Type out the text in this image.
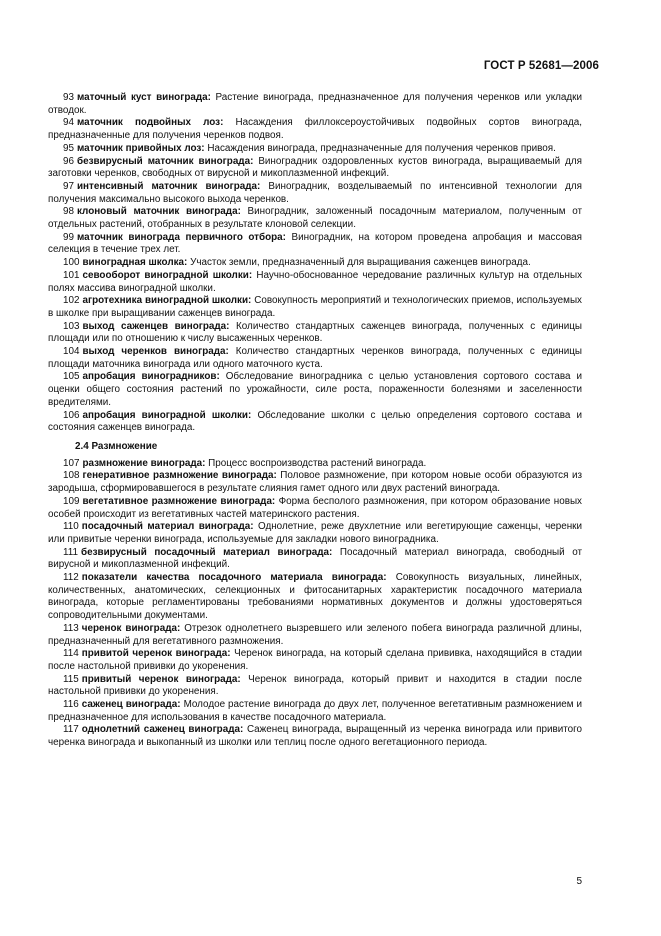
ГОСТ Р 52681—2006

93 маточный куст винограда: Растение винограда, предназначенное для получения черенков или укладки отводок.

94 маточник подвойных лоз: Насаждения филлоксероустойчивых подвойных сортов винограда, предназначенные для получения черенков подвоя.

95 маточник привойных лоз: Насаждения винограда, предназначенные для получения черенков привоя.

96 безвирусный маточник винограда: Виноградник оздоровленных кустов винограда, выращиваемый для заготовки черенков, свободных от вирусной и микоплазменной инфекций.

97 интенсивный маточник винограда: Виноградник, возделываемый по интенсивной технологии для получения максимально высокого выхода черенков.

98 клоновый маточник винограда: Виноградник, заложенный посадочным материалом, полученным от отдельных растений, отобранных в результате клоновой селекции.

99 маточник винограда первичного отбора: Виноградник, на котором проведена апробация и массовая селекция в течение трех лет.

100 виноградная школка: Участок земли, предназначенный для выращивания саженцев винограда.

101 севооборот виноградной школки: Научно-обоснованное чередование различных культур на отдельных полях массива виноградной школки.

102 агротехника виноградной школки: Совокупность мероприятий и технологических приемов, используемых в школке при выращивании саженцев винограда.

103 выход саженцев винограда: Количество стандартных саженцев винограда, полученных с единицы площади или по отношению к числу высаженных черенков.

104 выход черенков винограда: Количество стандартных черенков винограда, полученных с единицы площади маточника винограда или одного маточного куста.

105 апробация виноградников: Обследование виноградника с целью установления сортового состава и оценки общего состояния растений по урожайности, силе роста, пораженности болезнями и заселенности вредителями.

106 апробация виноградной школки: Обследование школки с целью определения сортового состава и состояния саженцев винограда.

2.4 Размножение

107 размножение винограда: Процесс воспроизводства растений винограда.

108 генеративное размножение винограда: Половое размножение, при котором новые особи образуются из зародыша, сформировавшегося в результате слияния гамет одного или двух растений винограда.

109 вегетативное размножение винограда: Форма бесполого размножения, при котором образование новых особей происходит из вегетативных частей материнского растения.

110 посадочный материал винограда: Однолетние, реже двухлетние или вегетирующие саженцы, черенки или привитые черенки винограда, используемые для закладки нового виноградника.

111 безвирусный посадочный материал винограда: Посадочный материал винограда, свободный от вирусной и микоплазменной инфекций.

112 показатели качества посадочного материала винограда: Совокупность визуальных, линейных, количественных, анатомических, селекционных и фитосанитарных характеристик посадочного материала винограда, которые регламентированы требованиями нормативных документов и должны удостоверяться сопроводительными документами.

113 черенок винограда: Отрезок однолетнего вызревшего или зеленого побега винограда различной длины, предназначенный для вегетативного размножения.

114 привитой черенок винограда: Черенок винограда, на который сделана прививка, находящийся в стадии после настольной прививки до укоренения.

115 привитый черенок винограда: Черенок винограда, который привит и находится в стадии после настольной прививки до укоренения.

116 саженец винограда: Молодое растение винограда до двух лет, полученное вегетативным размножением и предназначенное для использования в качестве посадочного материала.

117 однолетний саженец винограда: Саженец винограда, выращенный из черенка винограда или привитого черенка винограда и выкопанный из школки или теплиц после одного вегетационного периода.

5
